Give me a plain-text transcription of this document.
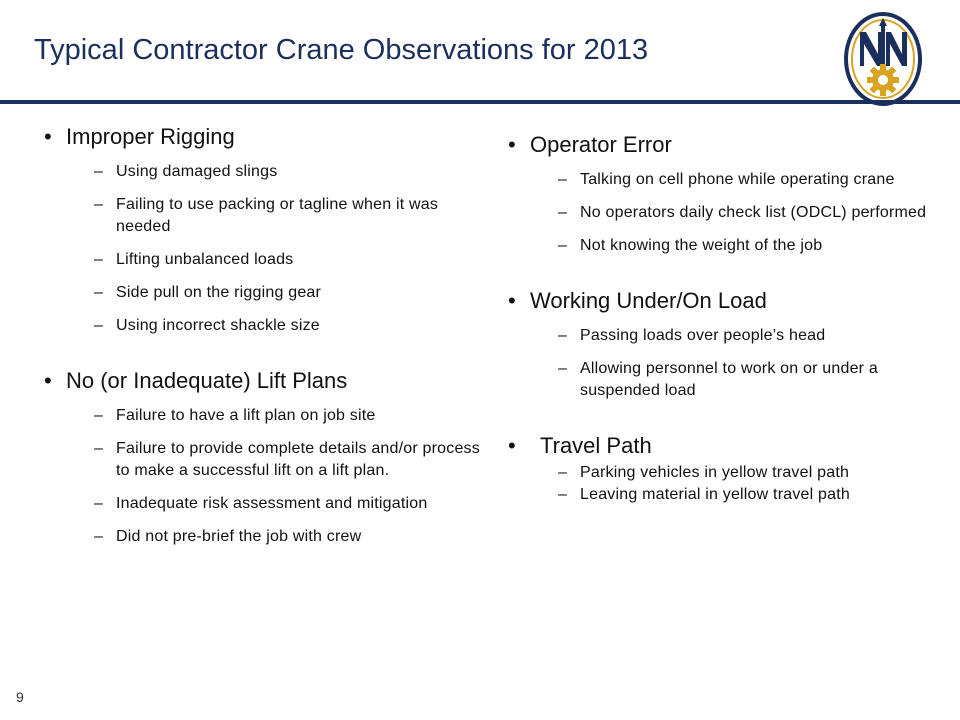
Typical Contractor Crane Observations for 2013
• Improper Rigging
– Using damaged slings
– Failing to use packing or tagline when it was needed
– Lifting unbalanced loads
– Side pull on the rigging gear
– Using incorrect shackle size
• No (or Inadequate) Lift Plans
– Failure to have a lift plan on job site
– Failure to provide complete details and/or process to make a successful lift on a lift plan.
– Inadequate risk assessment and mitigation
– Did not pre-brief the job with crew
• Operator Error
– Talking on cell phone while operating crane
– No operators daily check list (ODCL) performed
– Not knowing the weight of the job
• Working Under/On Load
– Passing loads over people’s head
– Allowing personnel to work on or under a suspended load
• Travel Path
– Parking vehicles in yellow travel path
– Leaving material in yellow travel path
9
